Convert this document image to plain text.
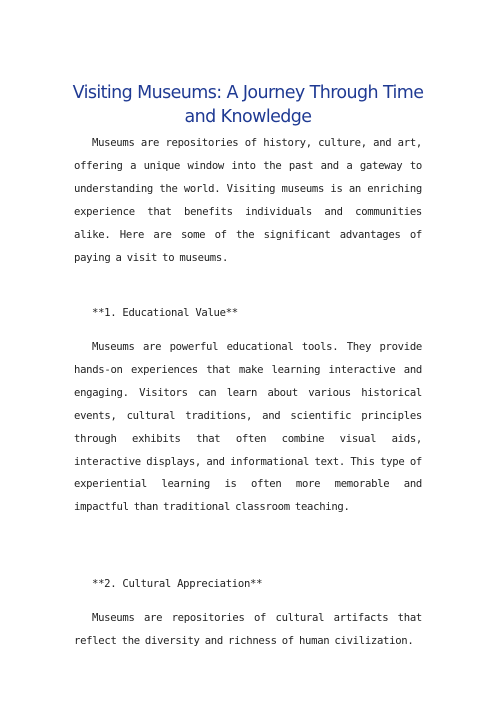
Visiting Museums: A Journey Through Time and Knowledge

Museums are repositories of history, culture, and art, offering a unique window into the past and a gateway to understanding the world. Visiting museums is an enriching experience that benefits individuals and communities alike. Here are some of the significant advantages of paying a visit to museums.

**1. Educational Value**

Museums are powerful educational tools. They provide hands-on experiences that make learning interactive and engaging. Visitors can learn about various historical events, cultural traditions, and scientific principles through exhibits that often combine visual aids, interactive displays, and informational text. This type of experiential learning is often more memorable and impactful than traditional classroom teaching.

**2. Cultural Appreciation**

Museums are repositories of cultural artifacts that reflect the diversity and richness of human civilization.
